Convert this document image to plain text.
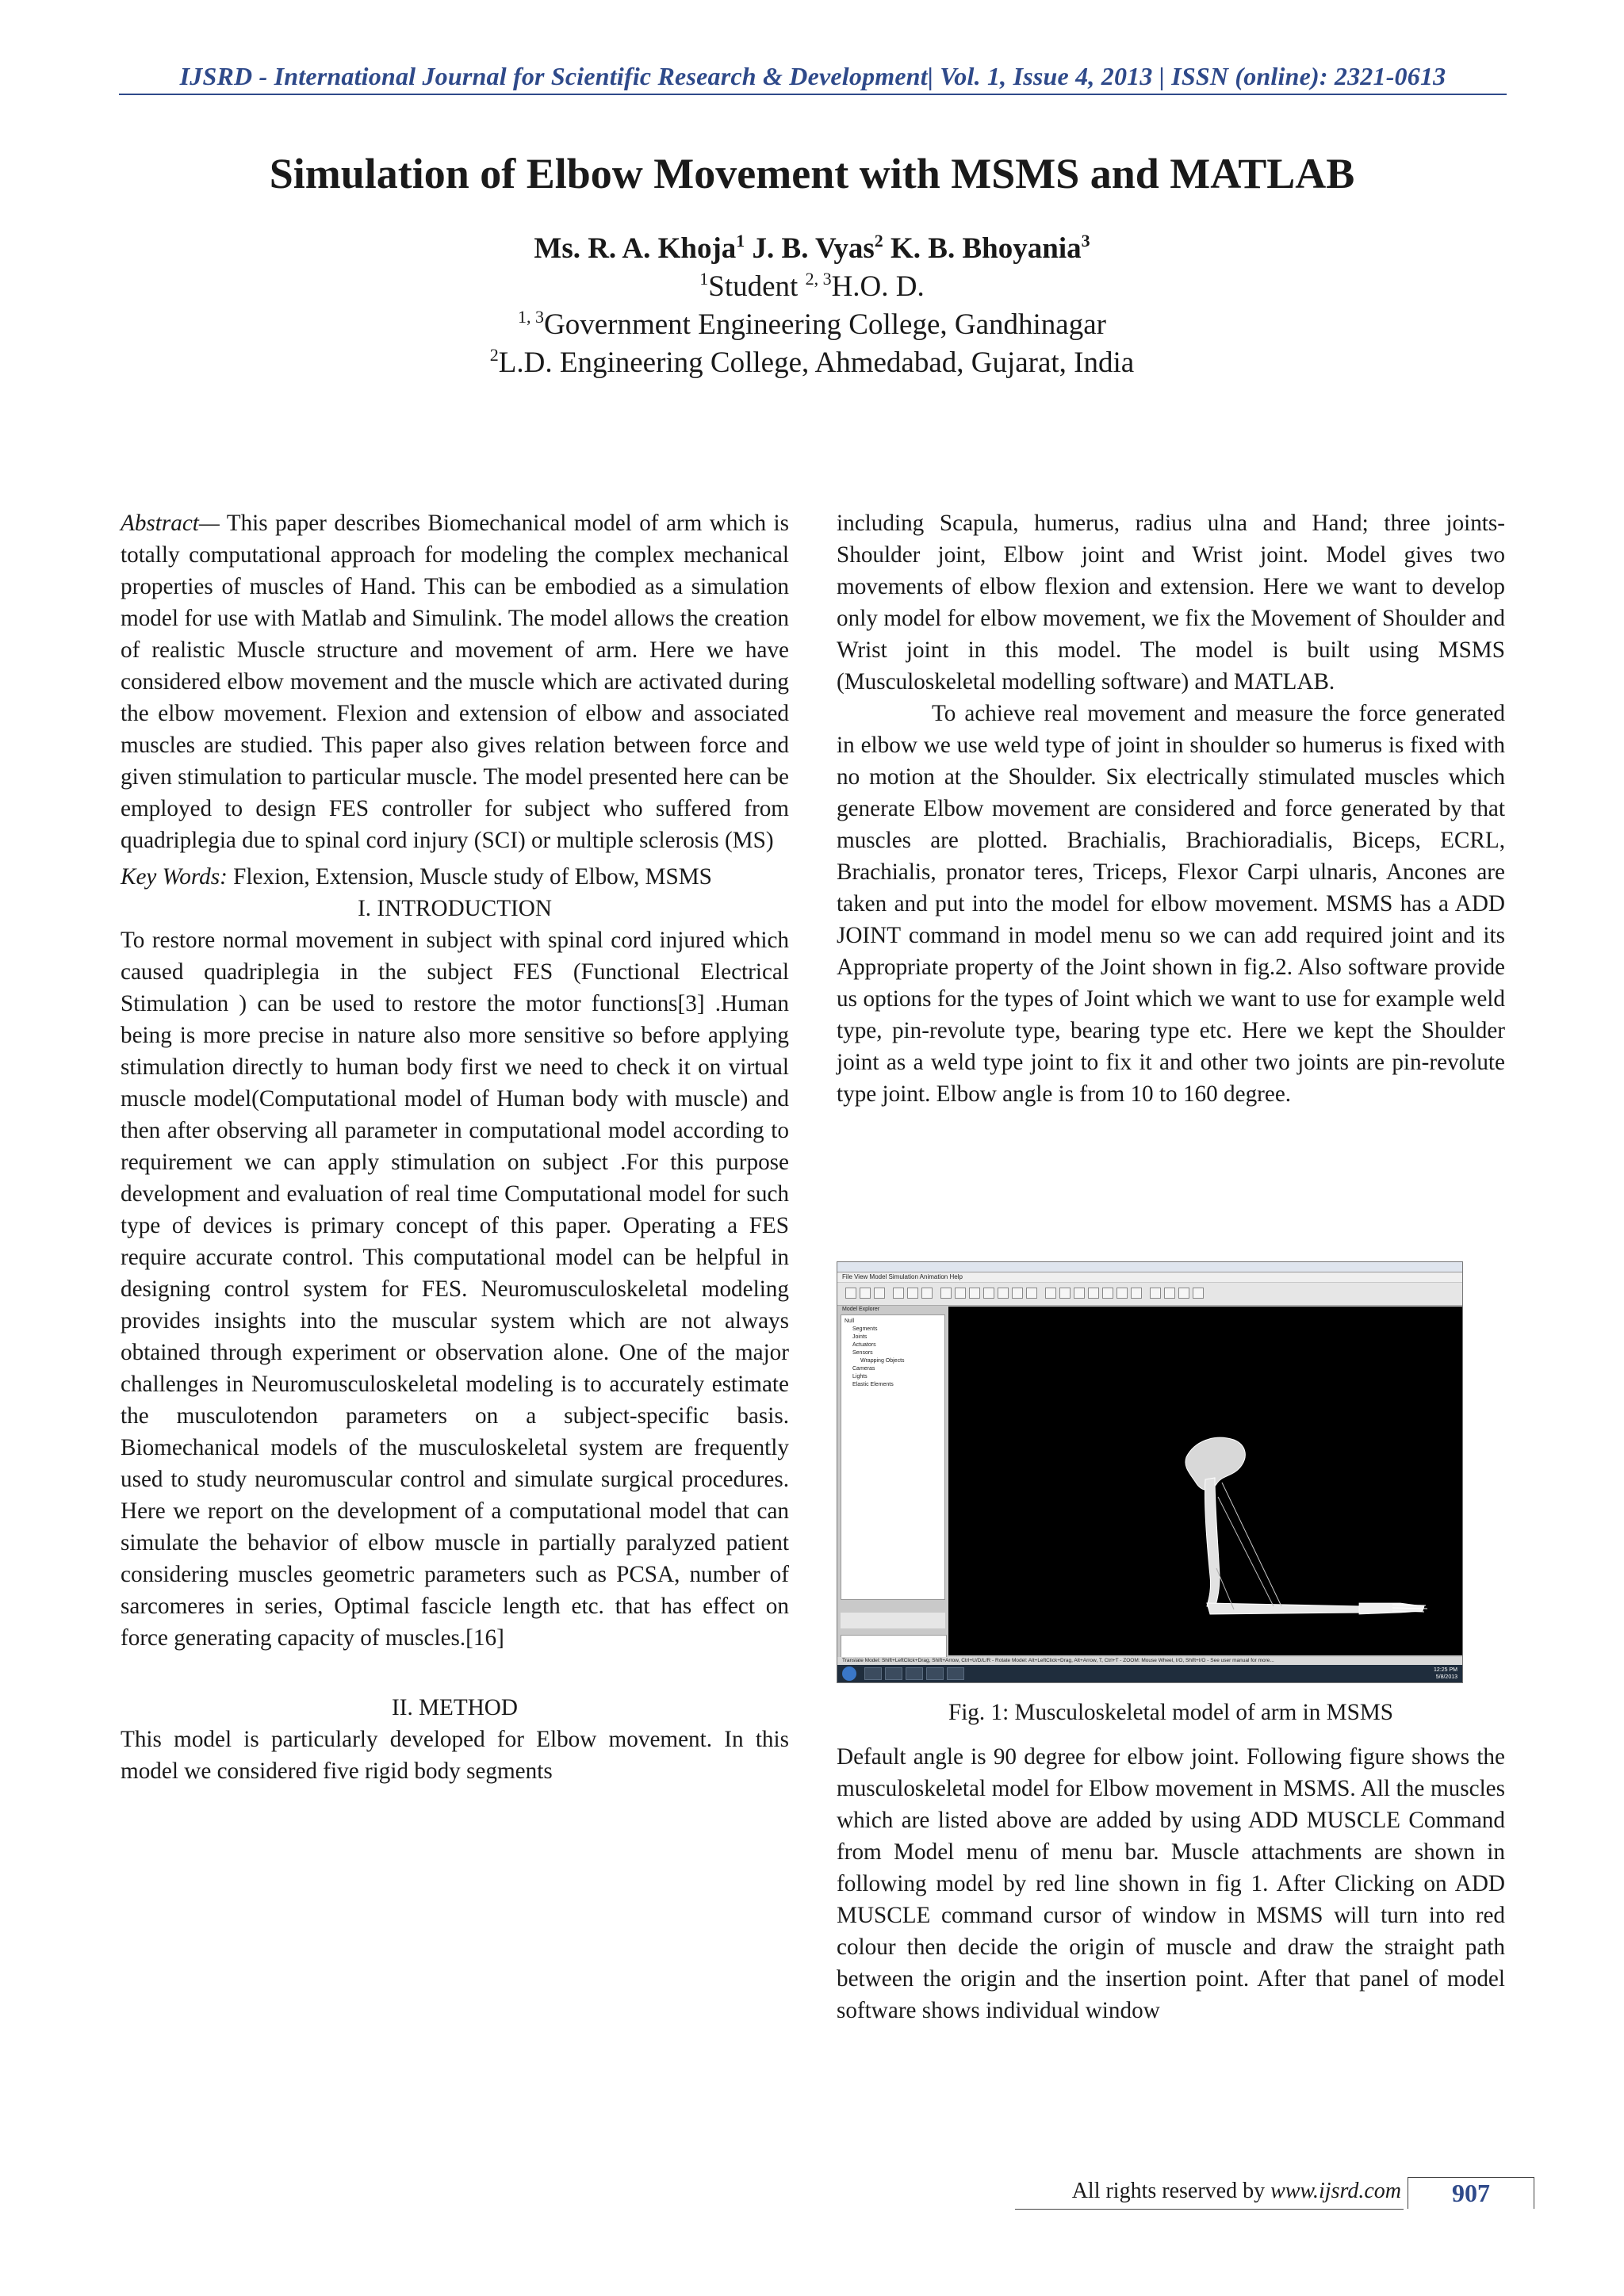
IJSRD - International Journal for Scientific Research & Development| Vol. 1, Issue 4, 2013 | ISSN (online): 2321-0613
Simulation of Elbow Movement with MSMS and MATLAB
Ms. R. A. Khoja$^1$ J. B. Vyas$^2$ K. B. Bhoyania$^3$
$^1$Student $^{2, 3}$H.O. D.
$^{1, 3}$Government Engineering College, Gandhinagar
$^2$L.D. Engineering College, Ahmedabad, Gujarat, India

Abstract— This paper describes Biomechanical model of arm which is totally computational approach for modeling the complex mechanical properties of muscles of Hand. This can be embodied as a simulation model for use with Matlab and Simulink. The model allows the creation of realistic Muscle structure and movement of arm. Here we have considered elbow movement and the muscle which are activated during the elbow movement. Flexion and extension of elbow and associated muscles are studied. This paper also gives relation between force and given stimulation to particular muscle. The model presented here can be employed to design FES controller for subject who suffered from quadriplegia due to spinal cord injury (SCI) or multiple sclerosis (MS)

Key Words: Flexion, Extension, Muscle study of Elbow, MSMS

I. INTRODUCTION

To restore normal movement in subject with spinal cord injured which caused quadriplegia in the subject FES (Functional Electrical Stimulation ) can be used to restore the motor functions[3] .Human being is more precise in nature also more sensitive so before applying stimulation directly to human body first we need to check it on virtual muscle model(Computational model of Human body with muscle) and then after observing all parameter in computational model according to requirement we can apply stimulation on subject .For this purpose development and evaluation of real time Computational model for such type of devices is primary concept of this paper. Operating a FES require accurate control. This computational model can be helpful in designing control system for FES. Neuromusculoskeletal modeling provides insights into the muscular system which are not always obtained through experiment or observation alone. One of the major challenges in Neuromusculoskeletal modeling is to accurately estimate the musculotendon parameters on a subject-specific basis. Biomechanical models of the musculoskeletal system are frequently used to study neuromuscular control and simulate surgical procedures. Here we report on the development of a computational model that can simulate the behavior of elbow muscle in partially paralyzed patient considering muscles geometric parameters such as PCSA, number of sarcomeres in series, Optimal fascicle length etc. that has effect on force generating capacity of muscles.[16]

II. METHOD

This model is particularly developed for Elbow movement. In this model we considered five rigid body segments

including Scapula, humerus, radius ulna and Hand; three joints-Shoulder joint, Elbow joint and Wrist joint. Model gives two movements of elbow flexion and extension. Here we want to develop only model for elbow movement, we fix the Movement of Shoulder and Wrist joint in this model. The model is built using MSMS (Musculoskeletal modelling software) and MATLAB.

To achieve real movement and measure the force generated in elbow we use weld type of joint in shoulder so humerus is fixed with no motion at the Shoulder. Six electrically stimulated muscles which generate Elbow movement are considered and force generated by that muscles are plotted. Brachialis, Brachioradialis, Biceps, ECRL, Brachialis, pronator teres, Triceps, Flexor Carpi ulnaris, Ancones are taken and put into the model for elbow movement. MSMS has a ADD JOINT command in model menu so we can add required joint and its Appropriate property of the Joint shown in fig.2. Also software provide us options for the types of Joint which we want to use for example weld type, pin-revolute type, bearing type etc. Here we kept the Shoulder joint as a weld type joint to fix it and other two joints are pin-revolute type joint. Elbow angle is from 10 to 160 degree.

File View Model Simulation Animation Help
Model Explorer
Null
Segments
Joints
Actuators
Sensors
Wrapping Objects
Cameras
Lights
Elastic Elements
Translate Model: Shift+LeftClick+Drag, Shift+Arrow, Ctrl+U/D/L/R - Rotate Model: Alt+LeftClick+Drag, Alt+Arrow, T, Ctrl+T - ZOOM: Mouse Wheel, I/O, Shift+I/O - See user manual for more...
12:25 PM
5/8/2013
Fig. 1: Musculoskeletal model of arm in MSMS

Default angle is 90 degree for elbow joint. Following figure shows the musculoskeletal model for Elbow movement in MSMS. All the muscles which are listed above are added by using ADD MUSCLE Command from Model menu of menu bar. Muscle attachments are shown in following model by red line shown in fig 1. After Clicking on ADD MUSCLE command cursor of window in MSMS will turn into red colour then decide the origin of muscle and draw the straight path between the origin and the insertion point. After that panel of model software shows individual window

All rights reserved by www.ijsrd.com	907
